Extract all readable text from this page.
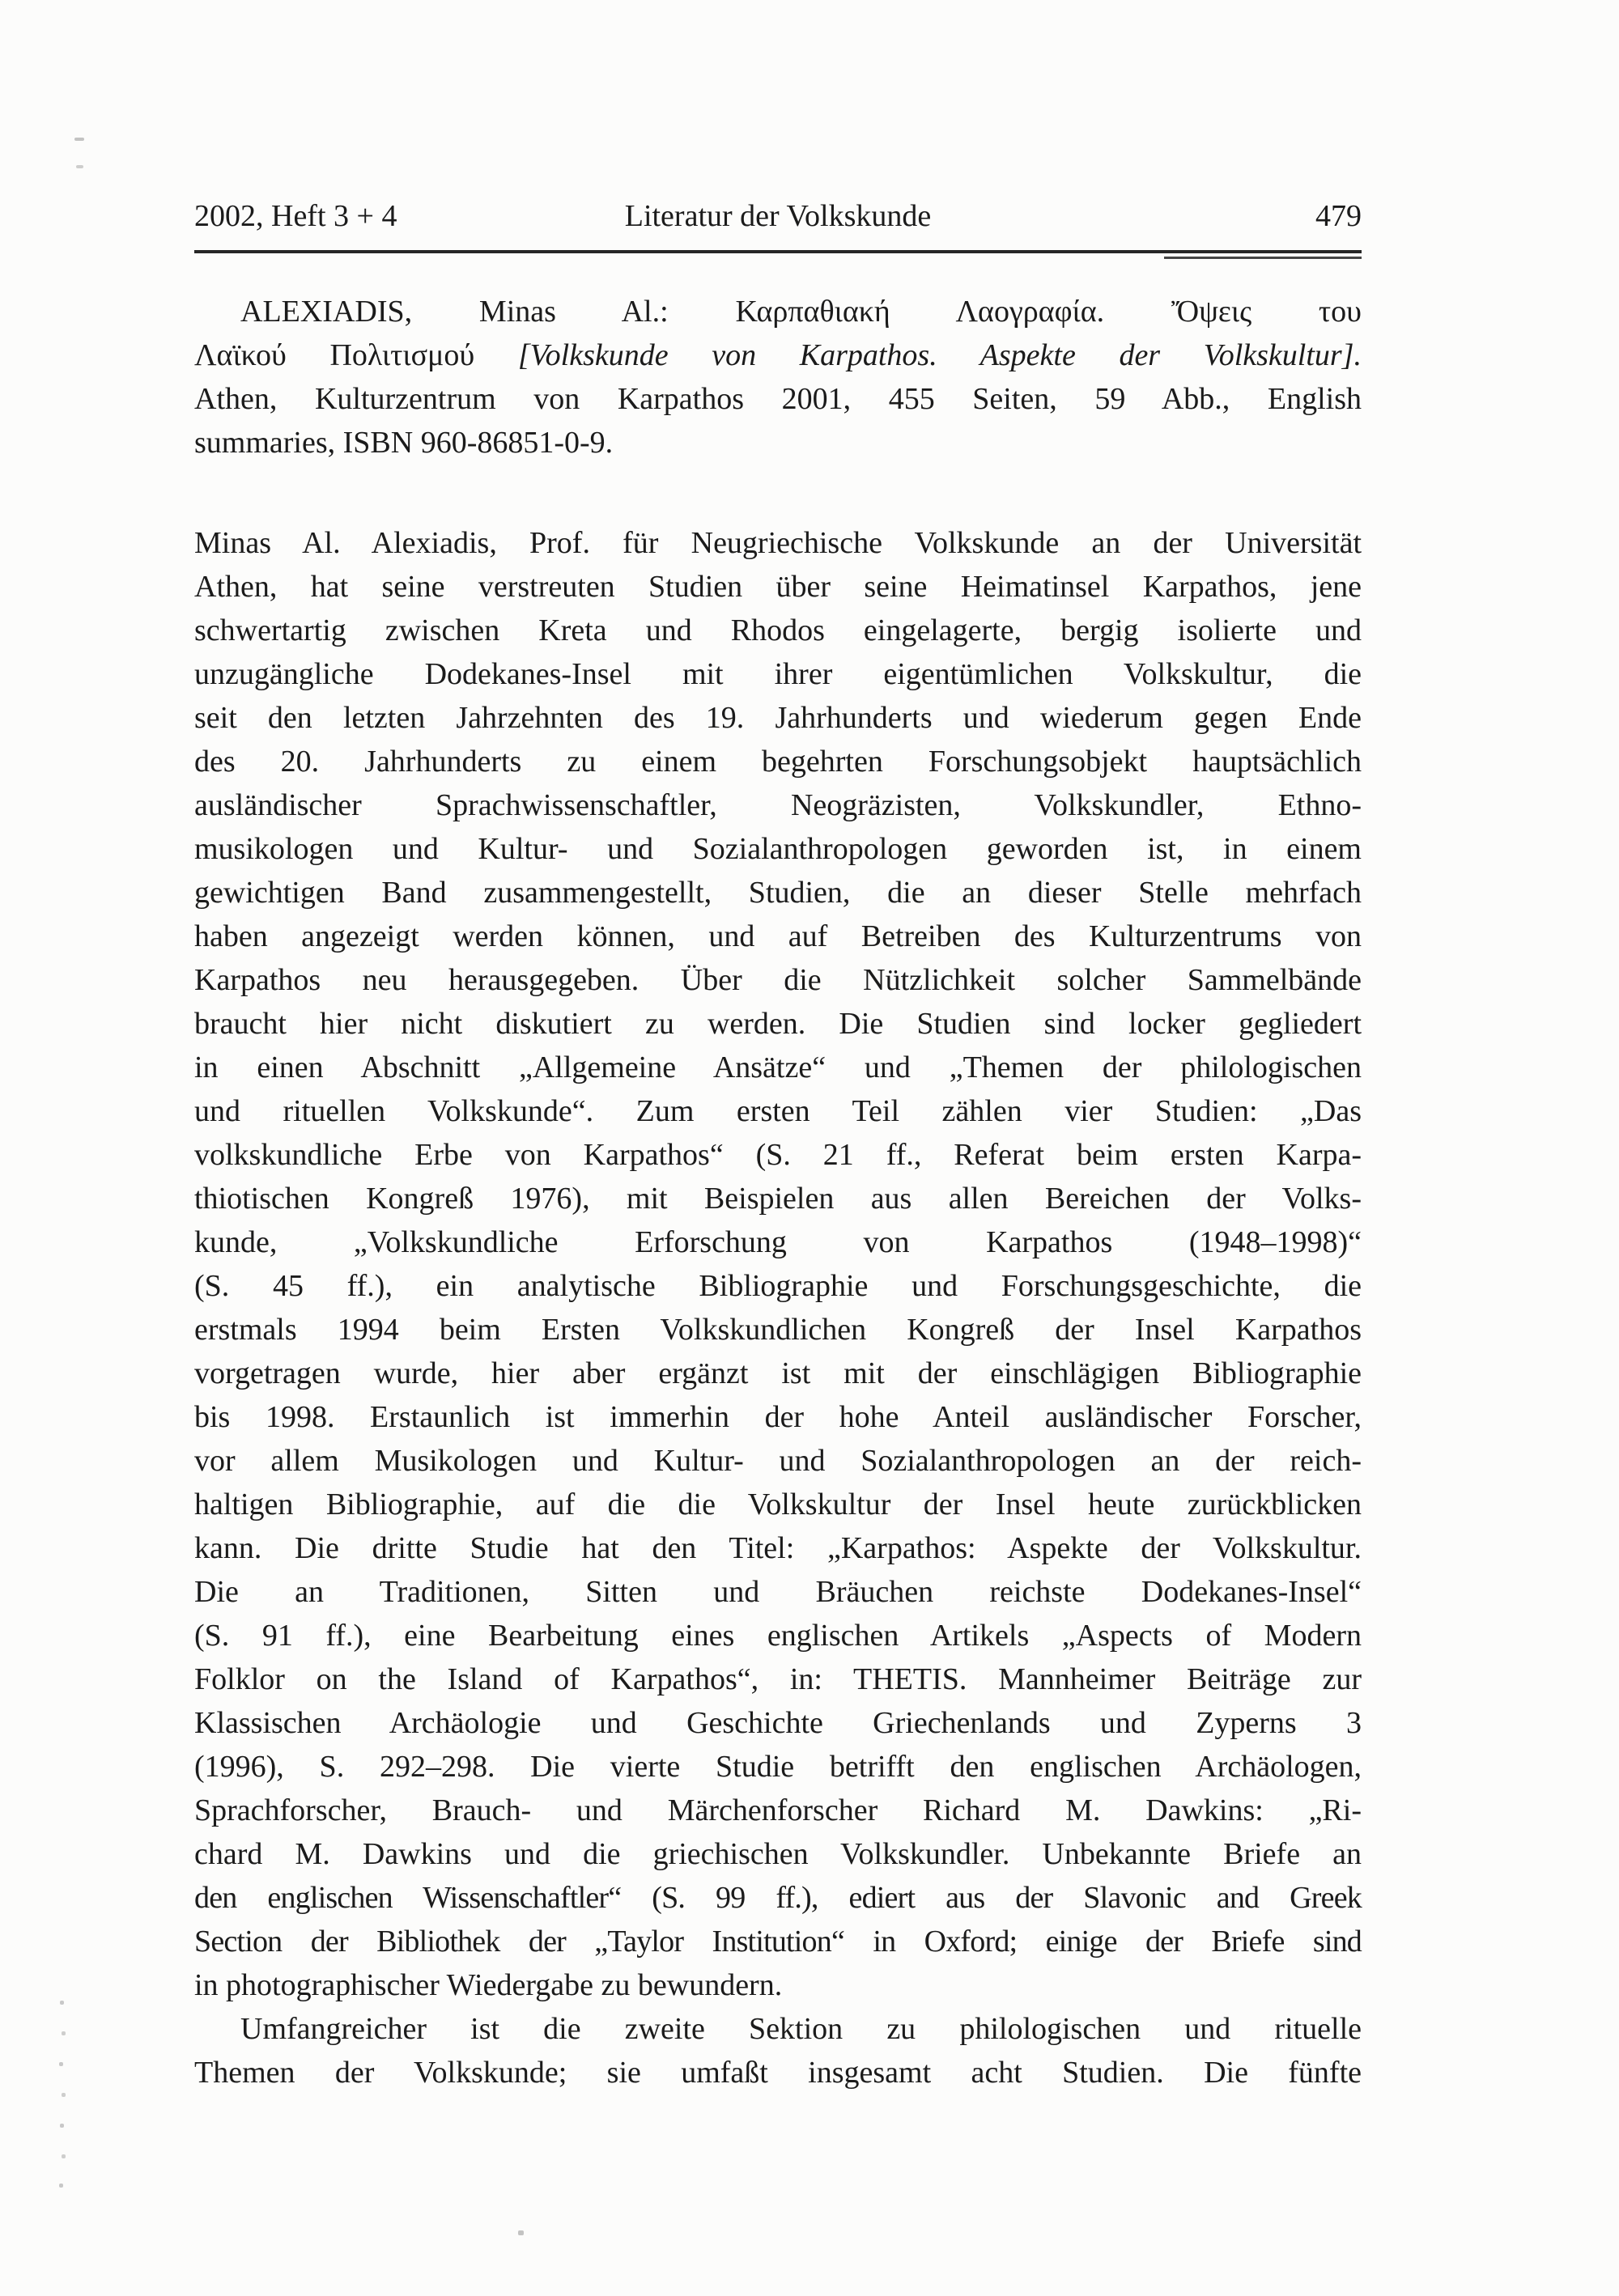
2002, Heft 3 + 4	Literatur der Volkskunde	479
ALEXIADIS, Minas Al.: Καρπαθιακή Λαογραφία. Ὄψεις του
Λαϊκού Πολιτισμού [Volkskunde von Karpathos. Aspekte der Volkskultur].
Athen, Kulturzentrum von Karpathos 2001, 455 Seiten, 59 Abb., English
summaries, ISBN 960-86851-0-9.
Minas Al. Alexiadis, Prof. für Neugriechische Volkskunde an der Universität
Athen, hat seine verstreuten Studien über seine Heimatinsel Karpathos, jene
schwertartig zwischen Kreta und Rhodos eingelagerte, bergig isolierte und
unzugängliche Dodekanes-Insel mit ihrer eigentümlichen Volkskultur, die
seit den letzten Jahrzehnten des 19. Jahrhunderts und wiederum gegen Ende
des 20. Jahrhunderts zu einem begehrten Forschungsobjekt hauptsächlich
ausländischer Sprachwissenschaftler, Neogräzisten, Volkskundler, Ethno-
musikologen und Kultur- und Sozialanthropologen geworden ist, in einem
gewichtigen Band zusammengestellt, Studien, die an dieser Stelle mehrfach
haben angezeigt werden können, und auf Betreiben des Kulturzentrums von
Karpathos neu herausgegeben. Über die Nützlichkeit solcher Sammelbände
braucht hier nicht diskutiert zu werden. Die Studien sind locker gegliedert
in einen Abschnitt „Allgemeine Ansätze“ und „Themen der philologischen
und rituellen Volkskunde“. Zum ersten Teil zählen vier Studien: „Das
volkskundliche Erbe von Karpathos“ (S. 21 ff., Referat beim ersten Karpa-
thiotischen Kongreß 1976), mit Beispielen aus allen Bereichen der Volks-
kunde, „Volkskundliche Erforschung von Karpathos (1948–1998)“
(S. 45 ff.), ein analytische Bibliographie und Forschungsgeschichte, die
erstmals 1994 beim Ersten Volkskundlichen Kongreß der Insel Karpathos
vorgetragen wurde, hier aber ergänzt ist mit der einschlägigen Bibliographie
bis 1998. Erstaunlich ist immerhin der hohe Anteil ausländischer Forscher,
vor allem Musikologen und Kultur- und Sozialanthropologen an der reich-
haltigen Bibliographie, auf die die Volkskultur der Insel heute zurückblicken
kann. Die dritte Studie hat den Titel: „Karpathos: Aspekte der Volkskultur.
Die an Traditionen, Sitten und Bräuchen reichste Dodekanes-Insel“
(S. 91 ff.), eine Bearbeitung eines englischen Artikels „Aspects of Modern
Folklor on the Island of Karpathos“, in: THETIS. Mannheimer Beiträge zur
Klassischen Archäologie und Geschichte Griechenlands und Zyperns 3
(1996), S. 292–298. Die vierte Studie betrifft den englischen Archäologen,
Sprachforscher, Brauch- und Märchenforscher Richard M. Dawkins: „Ri-
chard M. Dawkins und die griechischen Volkskundler. Unbekannte Briefe an
den englischen Wissenschaftler“ (S. 99 ff.), ediert aus der Slavonic and Greek
Section der Bibliothek der „Taylor Institution“ in Oxford; einige der Briefe sind
in photographischer Wiedergabe zu bewundern.
Umfangreicher ist die zweite Sektion zu philologischen und rituelle
Themen der Volkskunde; sie umfaßt insgesamt acht Studien. Die fünfte
